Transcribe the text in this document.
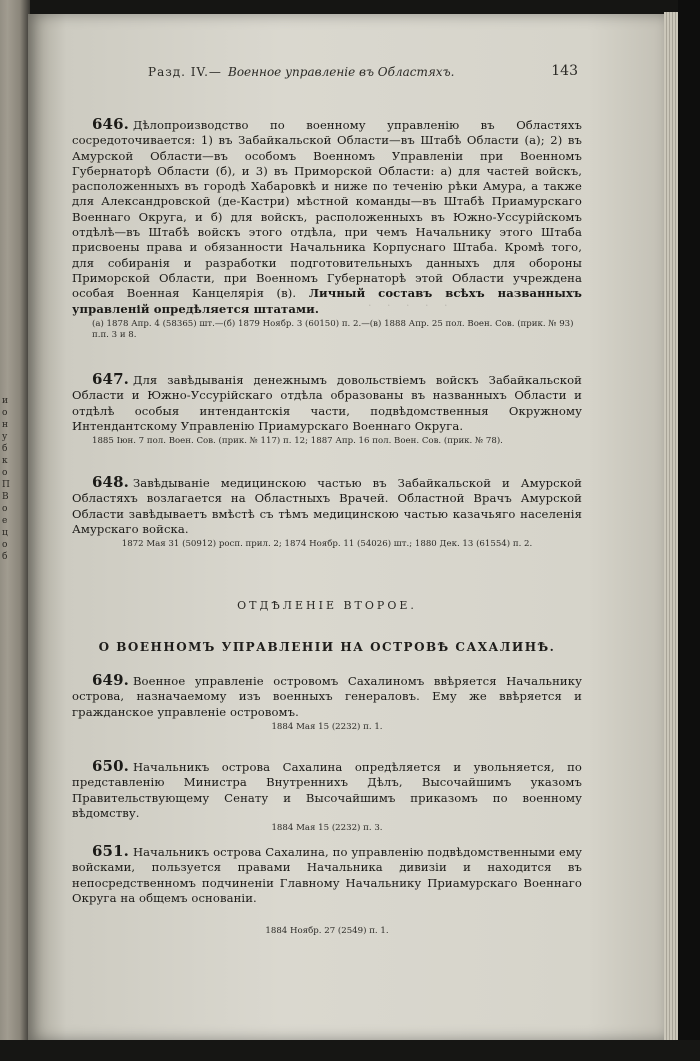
и
о
н
у
б
к
о
П
В
о
е
ц
о
б
Разд. IV.— Военное управленіе въ Областяхъ.	143
· · · · ·

646. Дѣлопроизводство по военному управленію въ Областяхъ сосредоточивается: 1) въ Забайкальской Области—въ Штабѣ Области (а); 2) въ Амурской Области—въ особомъ Военномъ Управленіи при Военномъ Губернаторѣ Области (б), и 3) въ Приморской Области: а) для частей войскъ, расположенныхъ въ городѣ Хабаровкѣ и ниже по теченію рѣки Амура, а также для Александровской (де-Кастри) мѣстной команды—въ Штабѣ Приамурскаго Военнаго Округа, и б) для войскъ, расположенныхъ въ Южно-Уссурійскомъ отдѣлѣ—въ Штабѣ войскъ этого отдѣла, при чемъ Начальнику этого Штаба присвоены права и обязанности Начальника Корпуснаго Штаба. Кромѣ того, для собиранія и разработки подготовительныхъ данныхъ для обороны Приморской Области, при Военномъ Губернаторѣ этой Области учреждена особая Военная Канцелярія (в). Личный составъ всѣхъ названныхъ управленій опредѣляется штатами.

(а) 1878 Апр. 4 (58365) шт.—(б) 1879 Ноябр. 3 (60150) п. 2.—(в) 1888 Апр. 25 пол. Воен. Сов. (прик. № 93) п.п. 3 и 8.

647. Для завѣдыванія денежнымъ довольствіемъ войскъ Забайкальской Области и Южно-Уссурійскаго отдѣла образованы въ названныхъ Области и отдѣлѣ особыя интендантскія части, подвѣдомственныя Окружному Интендантскому Управленію Приамурскаго Военнаго Округа.

1885 Іюн. 7 пол. Воен. Сов. (прик. № 117) п. 12; 1887 Апр. 16 пол. Воен. Сов. (прик. № 78).

648. Завѣдываніе медицинскою частью въ Забайкальской и Амурской Областяхъ возлагается на Областныхъ Врачей. Областной Врачъ Амурской Области завѣдываетъ вмѣстѣ съ тѣмъ медицинскою частью казачьяго населенія Амурскаго войска.

1872 Мая 31 (50912) росп. прил. 2; 1874 Ноябр. 11 (54026) шт.; 1880 Дек. 13 (61554) п. 2.

ОТДѢЛЕНІЕ ВТОРОЕ.

О ВОЕННОМЪ УПРАВЛЕНІИ НА ОСТРОВѢ САХАЛИНѢ.

649. Военное управленіе островомъ Сахалиномъ ввѣряется Начальнику острова, назначаемому изъ военныхъ генераловъ. Ему же ввѣряется и гражданское управленіе островомъ.

1884 Мая 15 (2232) п. 1.

650. Начальникъ острова Сахалина опредѣляется и увольняется, по представленію Министра Внутреннихъ Дѣлъ, Высочайшимъ указомъ Правительствующему Сенату и Высочайшимъ приказомъ по военному вѣдомству.

1884 Мая 15 (2232) п. 3.

651. Начальникъ острова Сахалина, по управленію подвѣдомственными ему войсками, пользуется правами Начальника дивизіи и находится въ непосредственномъ подчиненіи Главному Начальнику Приамурскаго Военнаго Округа на общемъ основаніи.

1884 Ноябр. 27 (2549) п. 1.
